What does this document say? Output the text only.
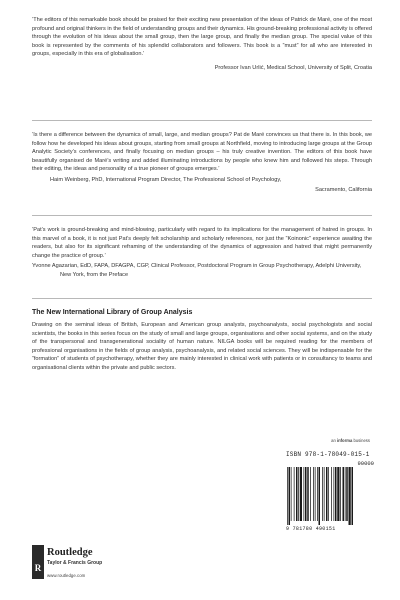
‘The editors of this remarkable book should be praised for their exciting new presentation of the ideas of Patrick de Maré, one of the most profound and original thinkers in the field of understanding groups and their dynamics. His ground-breaking professional activity is offered through the evolution of his ideas about the small group, then the large group, and finally the median group. The special value of this book is represented by the comments of his splendid collaborators and followers. This book is a “must” for all who are interested in groups, especially in this era of globalisation.’

Professor Ivan Urlić, Medical School, University of Split, Croatia

‘Is there a difference between the dynamics of small, large, and median groups? Pat de Maré convinces us that there is. In this book, we follow how he developed his ideas about groups, starting from small groups at Northfield, moving to introducing large groups at the Group Analytic Society’s conferences, and finally focusing on median groups – his truly creative invention. The editors of this book have beautifully organised de Maré’s writing and added illuminating introductions by people who knew him and followed his steps. Through their editing, the ideas and personality of a true pioneer of groups emerges.’

Haim Weinberg, PhD, International Program Director, The Professional School of Psychology,
Sacramento, California

‘Pat’s work is ground-breaking and mind-blowing, particularly with regard to its implications for the management of hatred in groups. In this marvel of a book, it is not just Pat’s deeply felt scholarship and scholarly references, nor just the “Koinonic” experience awaiting the readers, but also for its significant reframing of the understanding of the dynamics of aggression and hatred that might permanently change the practice of group.’

Yvonne Agazarian, EdD, FAPA, DFAGPA, CGP, Clinical Professor, Postdoctoral Program in Group Psychotherapy, Adelphi University, New York, from the Preface
The New International Library of Group Analysis
Drawing on the seminal ideas of British, European and American group analysts, psychoanalysts, social psychologists and social scientists, the books in this series focus on the study of small and large groups, organisations and other social systems, and on the study of the transpersonal and transgenerational sociality of human nature. NILGA books will be required reading for the members of professional organisations in the fields of group analysis, psychoanalysis, and related social sciences. They will be indispensable for the “formation” of students of psychotherapy, whether they are mainly interested in clinical work with patients or in consultancy to teams and organisational clients within the private and public sectors.
an informa business
ISBN 978-1-78049-015-1
90000
9 781780 490151
R
Routledge
Taylor & Francis Group
www.routledge.com
